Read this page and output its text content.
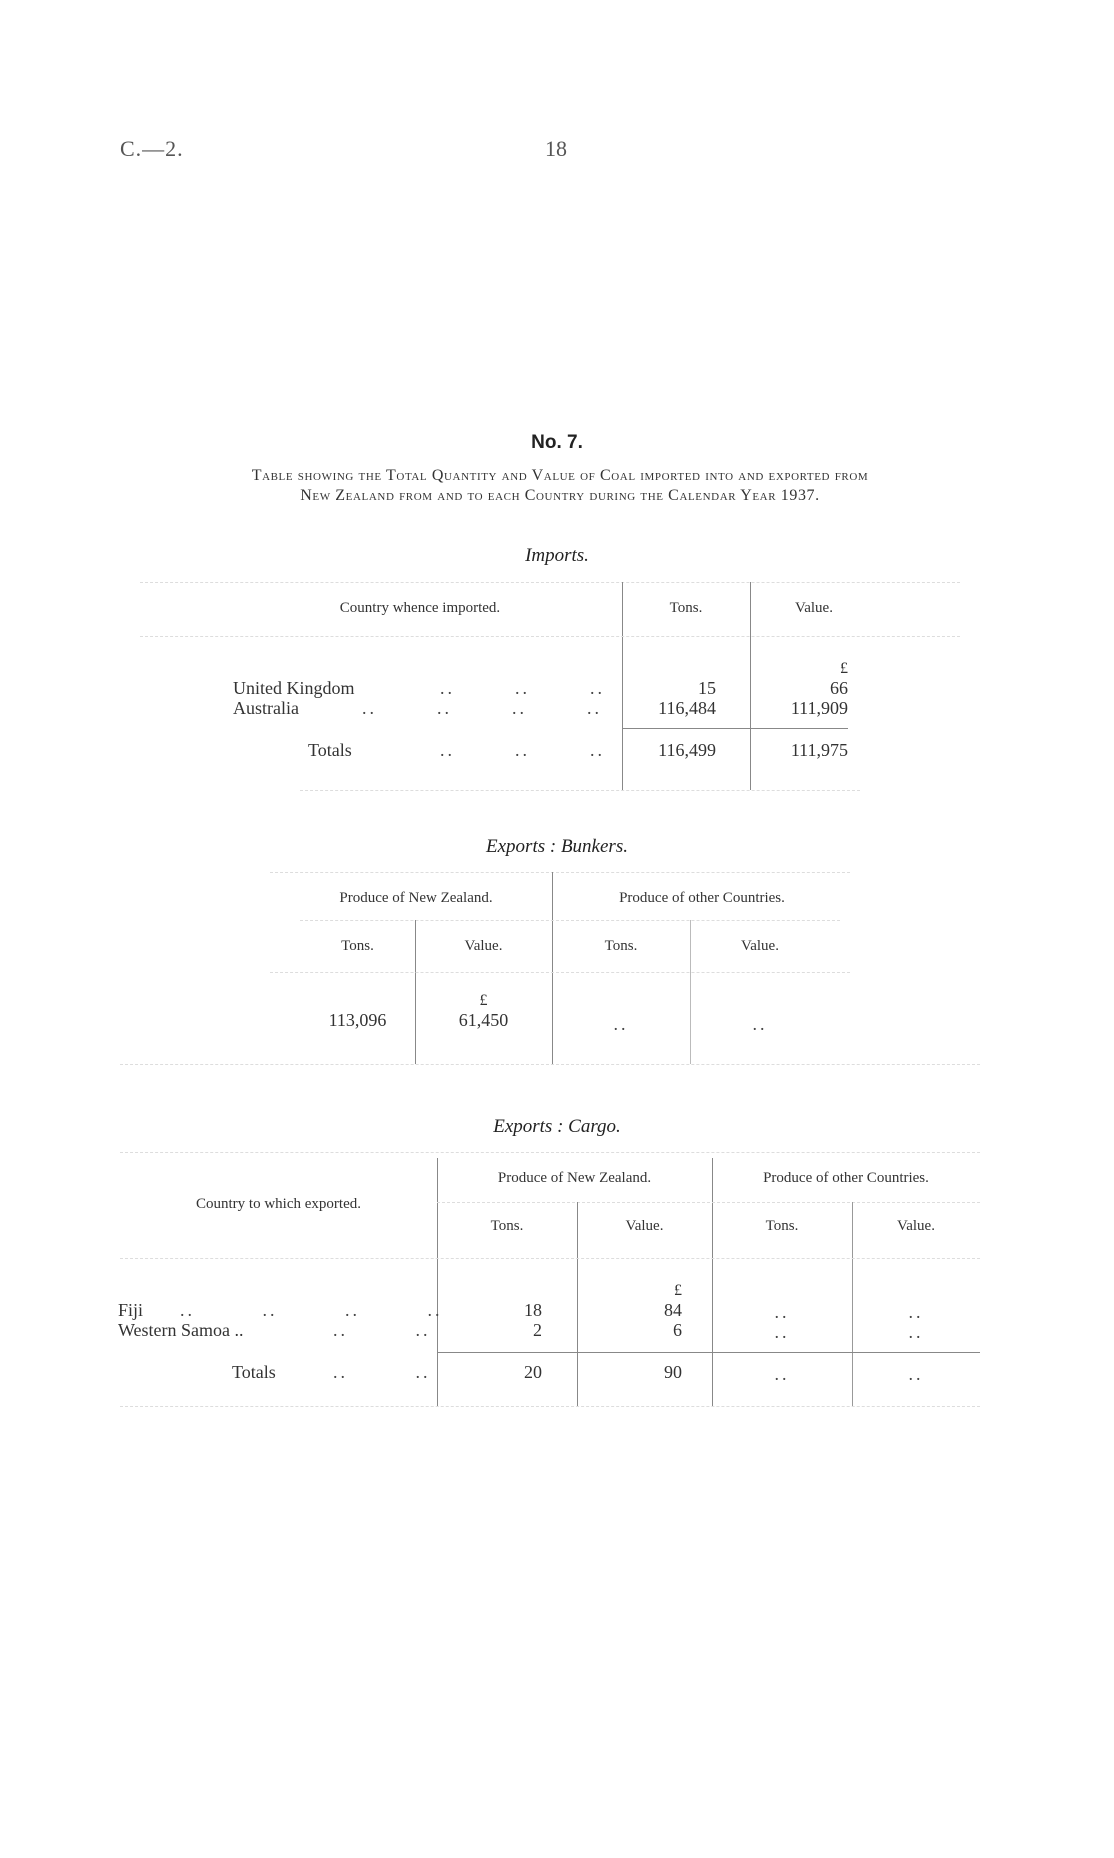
C.—2.	18
No. 7.
Table showing the Total Quantity and Value of Coal imported into and exported from
New Zealand from and to each Country during the Calendar Year 1937.
Imports.
Country whence imported.	Tons.	Value.
£
United Kingdom	..        ..        ..	15	66
Australia	..        ..        ..        ..	116,484	111,909
Totals	..        ..        ..	116,499	111,975
Exports : Bunkers.
Produce of New Zealand.	Produce of other Countries.
Tons.	Value.	Tons.	Value.
£
113,096	61,450	..	..
Exports : Cargo.
Country to which exported.
Produce of New Zealand.	Produce of other Countries.
Tons.	Value.	Tons.	Value.
£
Fiji ..         ..         ..         ..	18	84	..	..
Western Samoa ..	..         ..	2	6	..	..
Totals	..         ..	20	90	..	..
